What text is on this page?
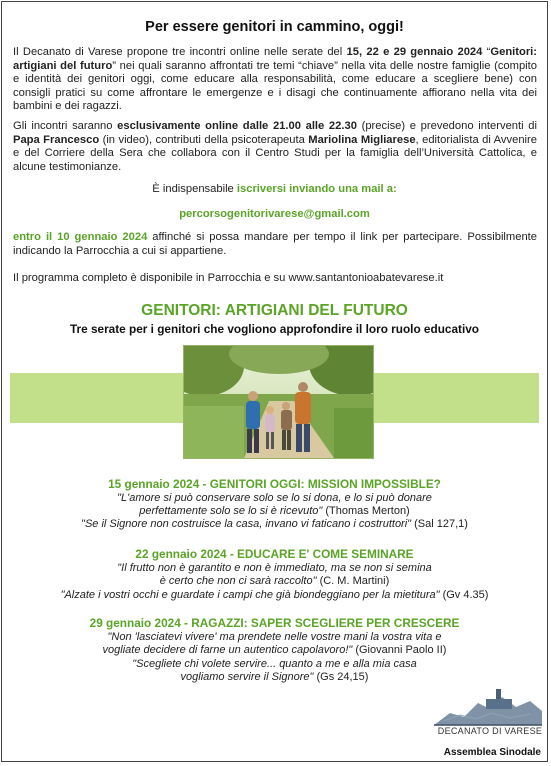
Per essere genitori in cammino, oggi!
Il Decanato di Varese propone tre incontri online nelle serate del 15, 22 e 29 gennaio 2024 “Genitori: artigiani del futuro” nei quali saranno affrontati tre temi “chiave” nella vita delle nostre famiglie (compito e identità dei genitori oggi, come educare alla responsabilità, come educare a scegliere bene) con consigli pratici su come affrontare le emergenze e i disagi che continuamente affiorano nella vita dei bambini e dei ragazzi.
Gli incontri saranno esclusivamente online dalle 21.00 alle 22.30 (precise) e prevedono interventi di Papa Francesco (in video), contributi della psicoterapeuta Mariolina Migliarese, editorialista di Avvenire e del Corriere della Sera che collabora con il Centro Studi per la famiglia dell’Università Cattolica, e alcune testimonianze.
È indispensabile iscriversi inviando una mail a:
percorsogenitorivarese@gmail.com
entro il 10 gennaio 2024 affinché si possa mandare per tempo il link per partecipare. Possibilmente indicando la Parrocchia a cui si appartiene.
Il programma completo è disponibile in Parrocchia e su www.santantonioabatevarese.it
GENITORI: ARTIGIANI DEL FUTURO
Tre serate per i genitori che vogliono approfondire il loro ruolo educativo
15 gennaio 2024 - GENITORI OGGI: MISSION IMPOSSIBLE?
"L'amore si può conservare solo se lo si dona, e lo si può donare
perfettamente solo se lo si è ricevuto" (Thomas Merton)
"Se il Signore non costruisce la casa, invano vi faticano i costruttori" (Sal 127,1)
22 gennaio 2024 - EDUCARE E' COME SEMINARE
"Il frutto non è garantito e non è immediato, ma se non si semina
è certo che non ci sarà raccolto" (C. M. Martini)
"Alzate i vostri occhi e guardate i campi che già biondeggiano per la mietitura" (Gv 4.35)
29 gennaio 2024 - RAGAZZI: SAPER SCEGLIERE PER CRESCERE
"Non 'lasciatevi vivere' ma prendete nelle vostre mani la vostra vita e
vogliate decidere di farne un autentico capolavoro!" (Giovanni Paolo II)
"Scegliete chi volete servire... quanto a me e alla mia casa
vogliamo servire il Signore" (Gs 24,15)
DECANATO DI VARESE
Assemblea Sinodale
